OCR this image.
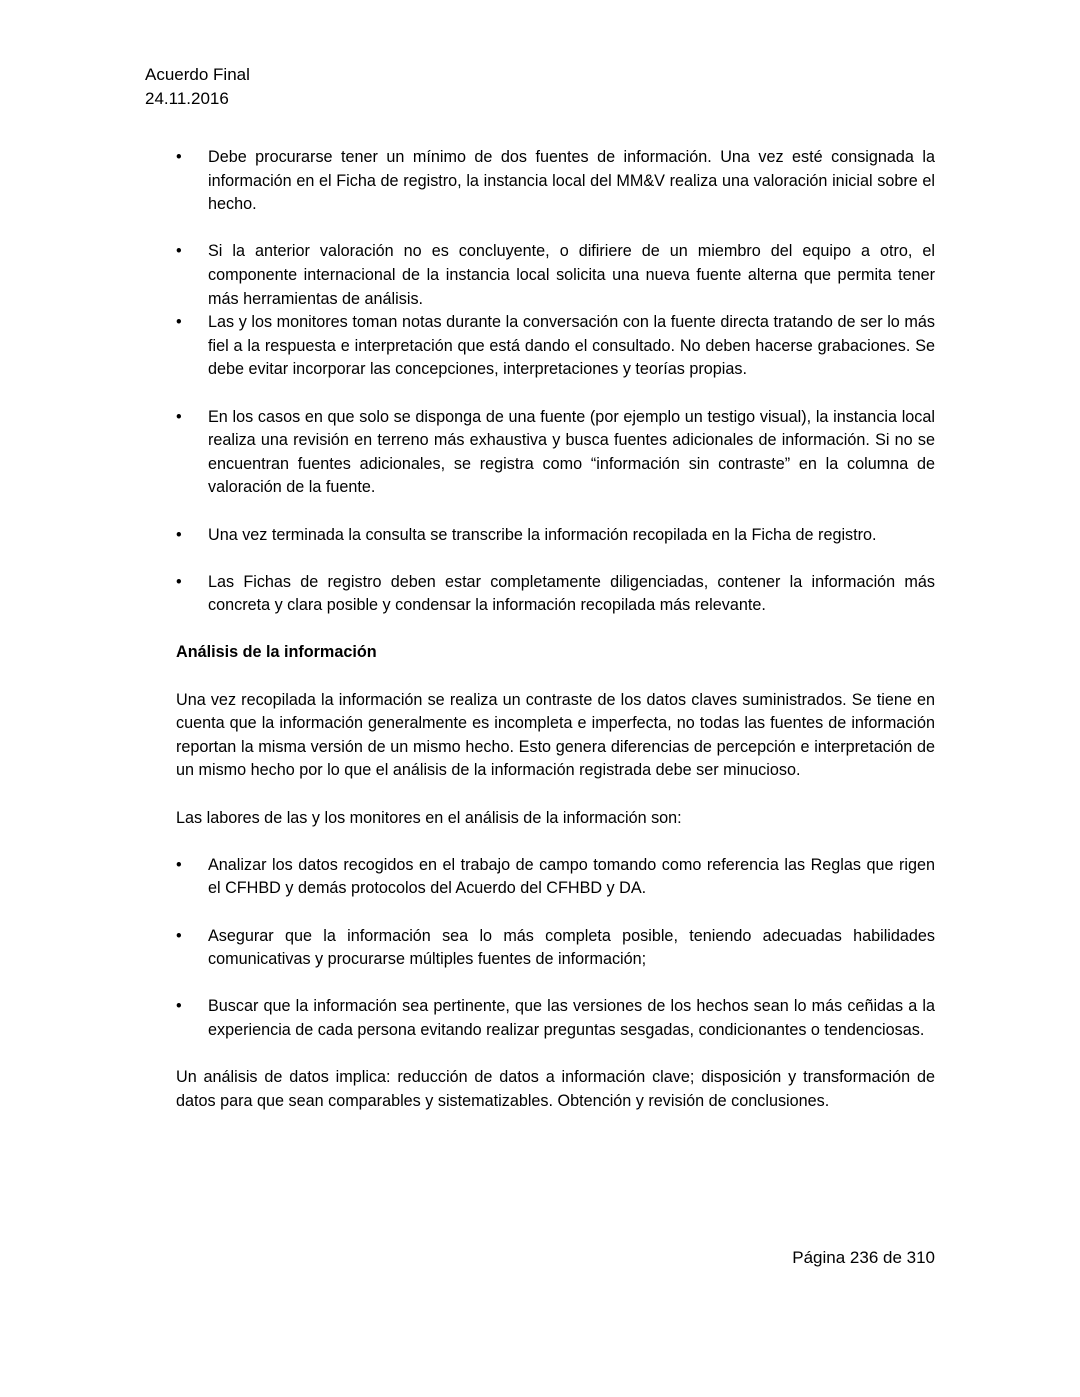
Acuerdo Final
24.11.2016
• Debe procurarse tener un mínimo de dos fuentes de información. Una vez esté consignada la información en el Ficha de registro, la instancia local del MM&V realiza una valoración inicial sobre el hecho.
• Si la anterior valoración no es concluyente, o difiriere de un miembro del equipo a otro, el componente internacional de la instancia local solicita una nueva fuente alterna que permita tener más herramientas de análisis.
• Las y los monitores toman notas durante la conversación con la fuente directa tratando de ser lo más fiel a la respuesta e interpretación que está dando el consultado. No deben hacerse grabaciones. Se debe evitar incorporar las concepciones, interpretaciones y teorías propias.
• En los casos en que solo se disponga de una fuente (por ejemplo un testigo visual), la instancia local realiza una revisión en terreno más exhaustiva y busca fuentes adicionales de información. Si no se encuentran fuentes adicionales, se registra como “información sin contraste” en la columna de valoración de la fuente.
• Una vez terminada la consulta se transcribe la información recopilada en la Ficha de registro.
• Las Fichas de registro deben estar completamente diligenciadas, contener la información más concreta y clara posible y condensar la información recopilada más relevante.
Análisis de la información

Una vez recopilada la información se realiza un contraste de los datos claves suministrados. Se tiene en cuenta que la información generalmente es incompleta e imperfecta, no todas las fuentes de información reportan la misma versión de un mismo hecho. Esto genera diferencias de percepción e interpretación de un mismo hecho por lo que el análisis de la información registrada debe ser minucioso.

Las labores de las y los monitores en el análisis de la información son:

• Analizar los datos recogidos en el trabajo de campo tomando como referencia las Reglas que rigen el CFHBD y demás protocolos del Acuerdo del CFHBD y DA.
• Asegurar que la información sea lo más completa posible, teniendo adecuadas habilidades comunicativas y procurarse múltiples fuentes de información;
• Buscar que la información sea pertinente, que las versiones de los hechos sean lo más ceñidas a la experiencia de cada persona evitando realizar preguntas sesgadas, condicionantes o tendenciosas.

Un análisis de datos implica: reducción de datos a información clave; disposición y transformación de datos para que sean comparables y sistematizables. Obtención y revisión de conclusiones.

Página 236 de 310
